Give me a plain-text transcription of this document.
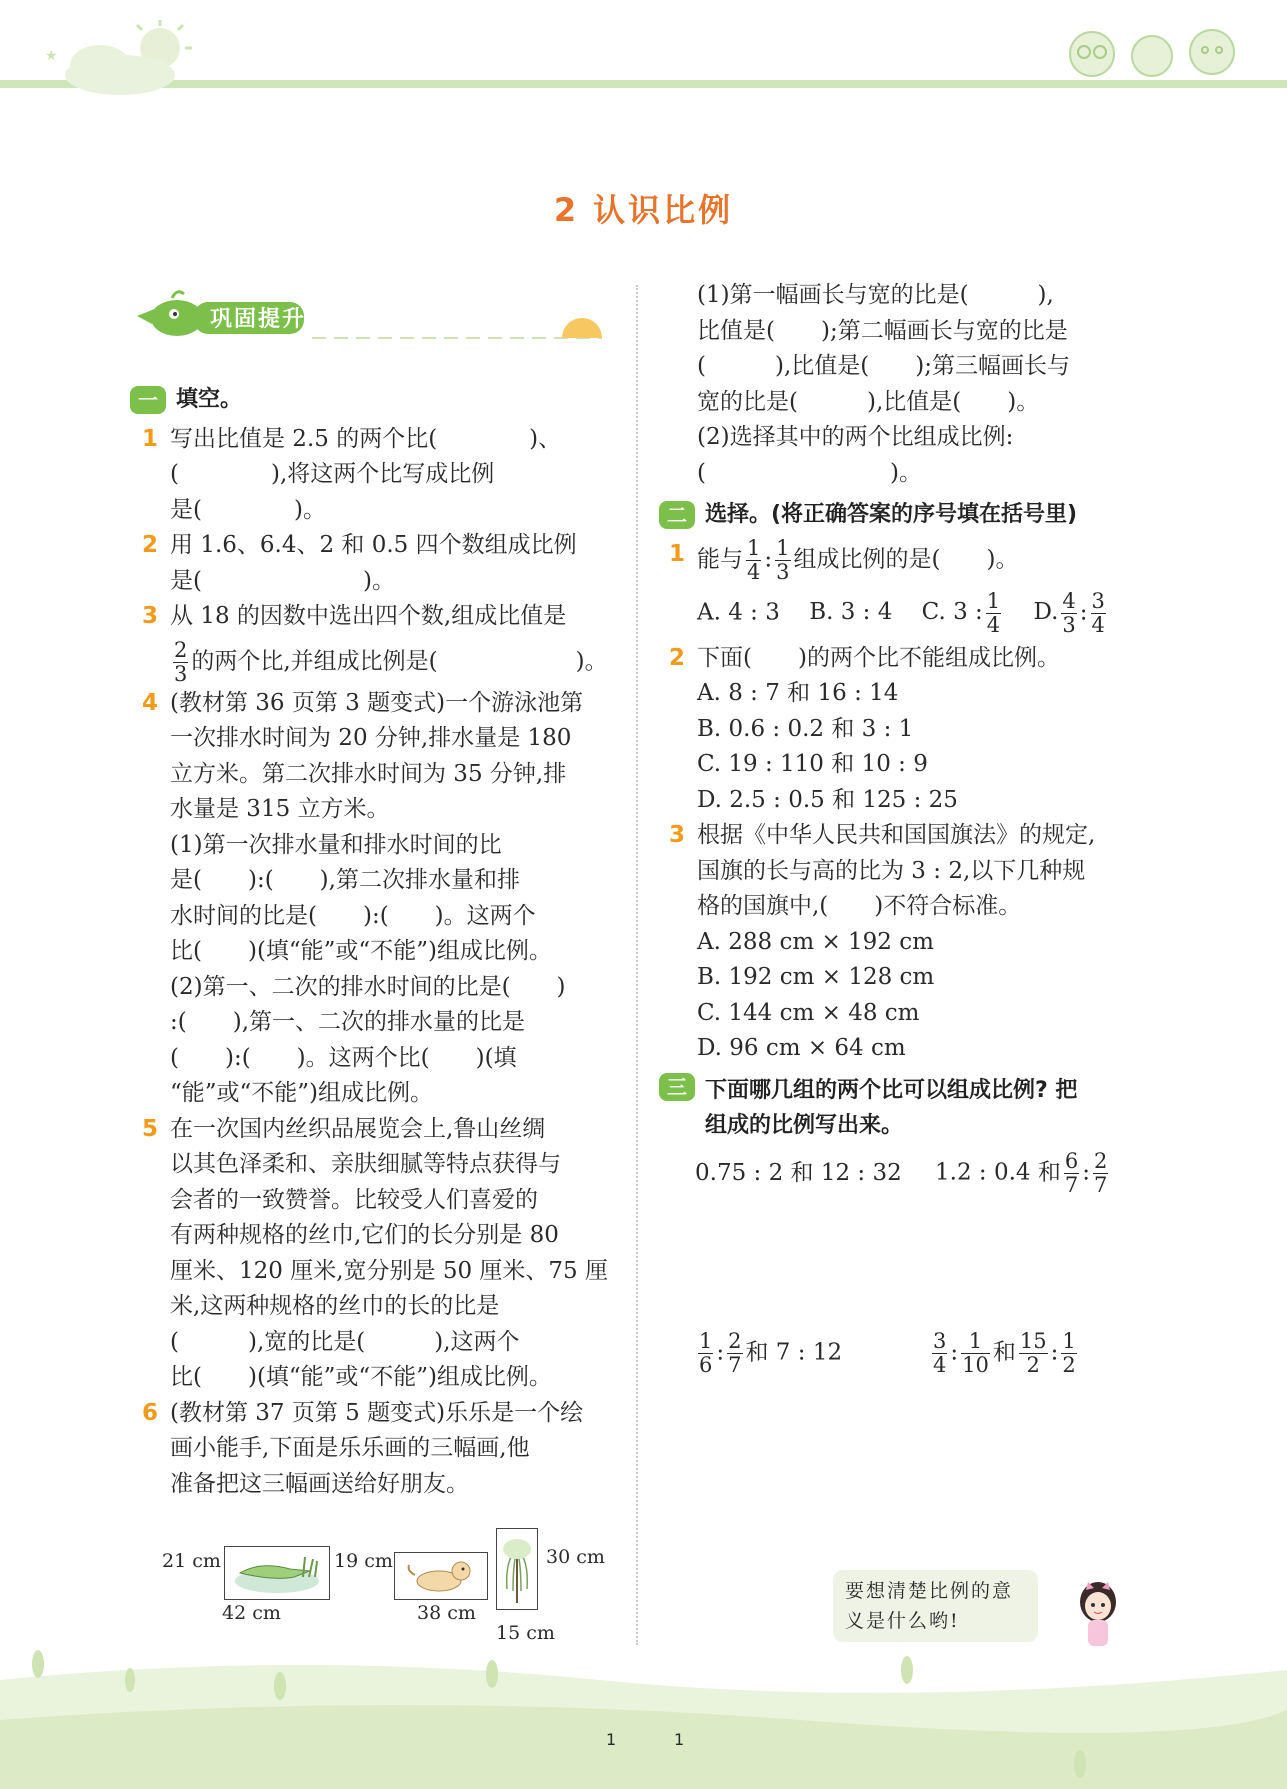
★
2 认识比例
巩固提升
一 填空。
1 写出比值是 2.5 的两个比(　　　　)、
(　　　　),将这两个比写成比例
是(　　　　)。
2 用 1.6、6.4、2 和 0.5 四个数组成比例
是(　　　　　　　)。
3 从 18 的因数中选出四个数,组成比值是
$\frac{2}{3}$ 的两个比,并组成比例是(　　　　　　)。
4 (教材第 36 页第 3 题变式)一个游泳池第
一次排水时间为 20 分钟,排水量是 180
立方米。第二次排水时间为 35 分钟,排
水量是 315 立方米。
(1)第一次排水量和排水时间的比
是(　　):(　　),第二次排水量和排
水时间的比是(　　):(　　)。这两个
比(　　)(填“能”或“不能”)组成比例。
(2)第一、二次的排水时间的比是(　　)
:(　　),第一、二次的排水量的比是
(　　):(　　)。这两个比(　　)(填
“能”或“不能”)组成比例。
5 在一次国内丝织品展览会上,鲁山丝绸
以其色泽柔和、亲肤细腻等特点获得与
会者的一致赞誉。比较受人们喜爱的
有两种规格的丝巾,它们的长分别是 80
厘米、120 厘米,宽分别是 50 厘米、75 厘
米,这两种规格的丝巾的长的比是
(　　　),宽的比是(　　　),这两个
比(　　)(填“能”或“不能”)组成比例。
6 (教材第 37 页第 5 题变式)乐乐是一个绘
画小能手,下面是乐乐画的三幅画,他
准备把这三幅画送给好朋友。
21 cm
42 cm
19 cm
38 cm
30 cm
15 cm
(1)第一幅画长与宽的比是(　　　),
比值是(　　);第二幅画长与宽的比是
(　　　),比值是(　　);第三幅画长与
宽的比是(　　　),比值是(　　)。
(2)选择其中的两个比组成比例:
(　　　　　　　　)。
二 选择。(将正确答案的序号填在括号里)
1 能与 $\frac{1}{4}$ : $\frac{1}{3}$ 组成比例的是(　　)。
A. 4 : 3 B. 3 : 4 C. 3 : $\frac{1}{4} D$. $\frac{4}{3}$ : $\frac{3}{4}$
2 下面(　　)的两个比不能组成比例。
A. 8 : 7 和 16 : 14
B. 0.6 : 0.2 和 3 : 1
C. 19 : 110 和 10 : 9
D. 2.5 : 0.5 和 125 : 25
3 根据《中华人民共和国国旗法》的规定,
国旗的长与高的比为 3 : 2,以下几种规
格的国旗中,(　　)不符合标准。
A. 288 cm × 192 cm
B. 192 cm × 128 cm
C. 144 cm × 48 cm
D. 96 cm × 64 cm
三 下面哪几组的两个比可以组成比例? 把
组成的比例写出来。
0.75 : 2 和 12 : 32 1.2 : 0.4 和 $\frac{6}{7}$ : $\frac{2}{7}$
$\frac{1}{6}$ : $\frac{2}{7}$ 和 7 : 12	$\frac{3}{4}$ : $\frac{1}{10}$ 和 $\frac{15}{2}$ : $\frac{1}{2}$
要想清楚比例的意
义是什么哟!
1	1
